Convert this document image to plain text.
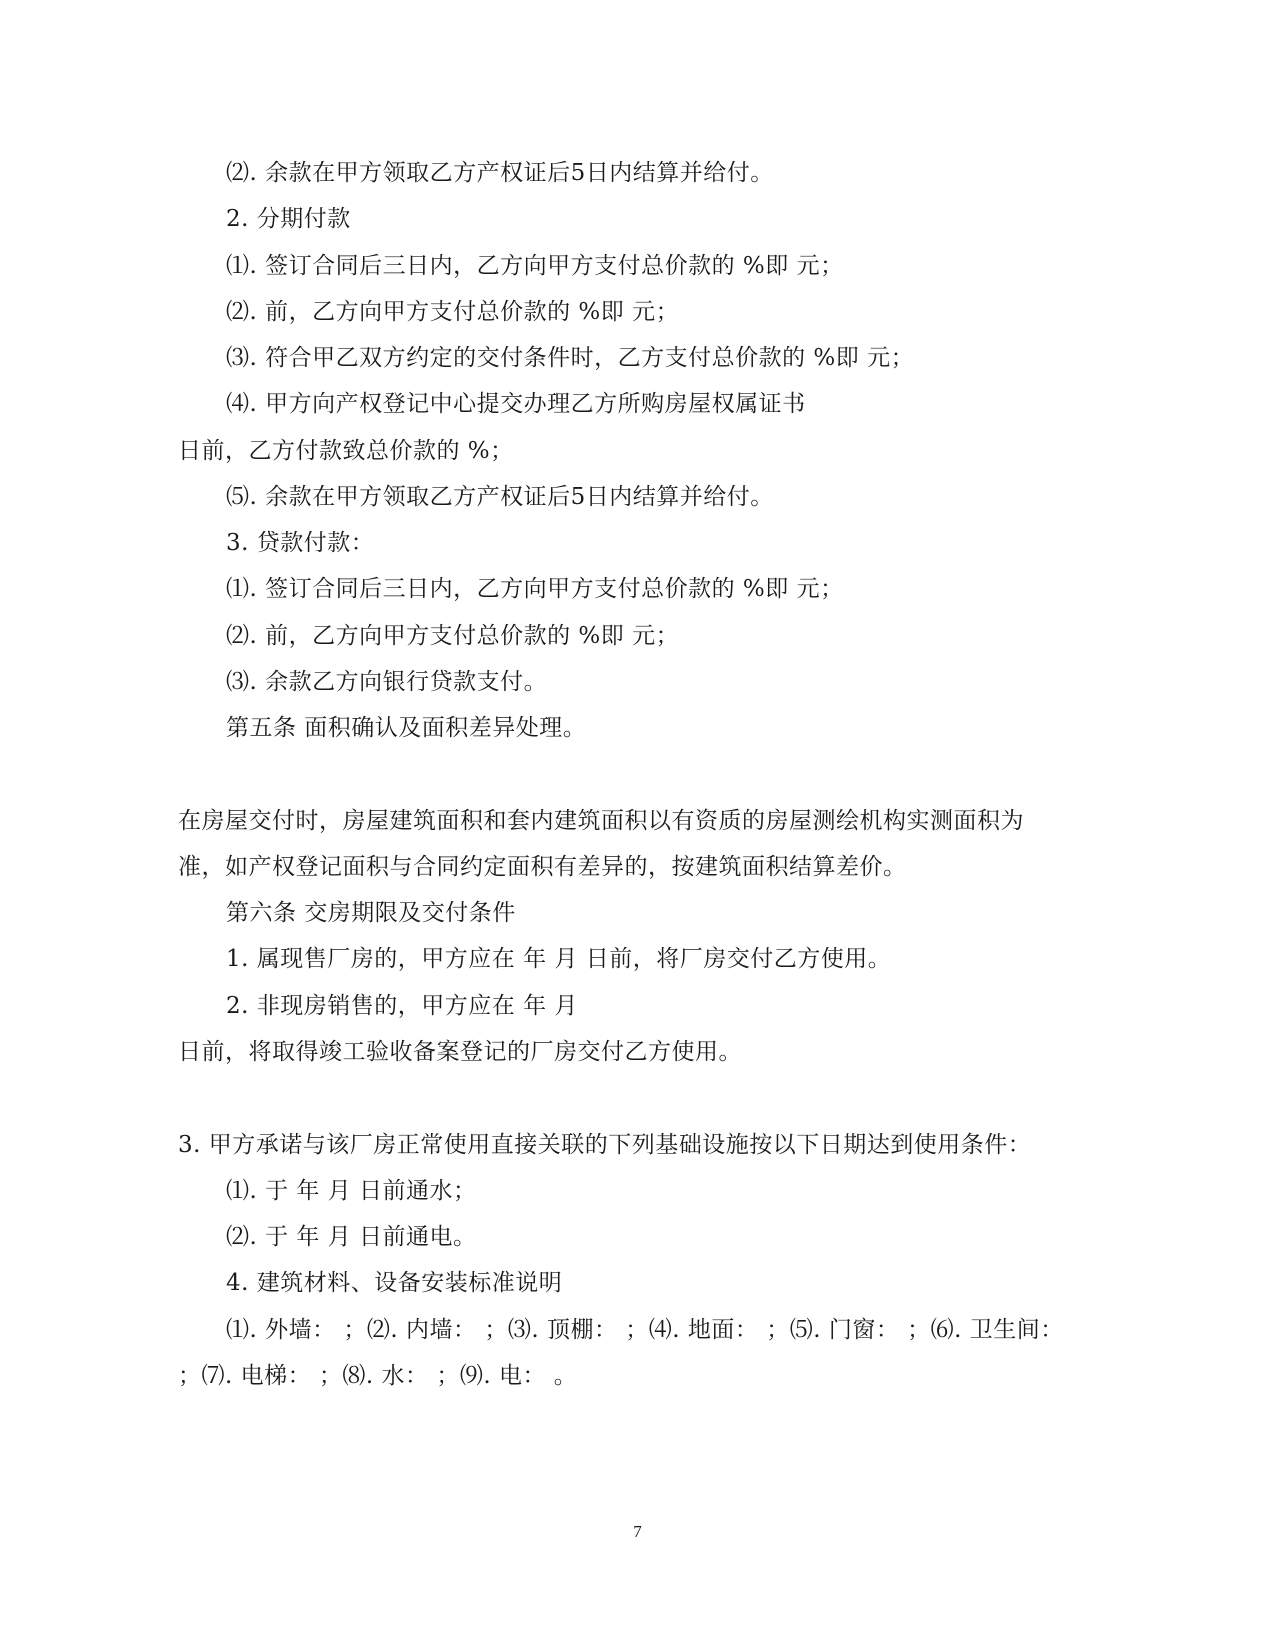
⑵. 余款在甲方领取乙方产权证后5日内结算并给付。
2. 分期付款
⑴. 签订合同后三日内，乙方向甲方支付总价款的 %即 元；
⑵. 前，乙方向甲方支付总价款的 %即 元；
⑶. 符合甲乙双方约定的交付条件时，乙方支付总价款的 %即 元；
⑷. 甲方向产权登记中心提交办理乙方所购房屋权属证书
日前，乙方付款致总价款的 %；
⑸. 余款在甲方领取乙方产权证后5日内结算并给付。
3. 贷款付款：
⑴. 签订合同后三日内，乙方向甲方支付总价款的 %即 元；
⑵. 前，乙方向甲方支付总价款的 %即 元；
⑶. 余款乙方向银行贷款支付。
第五条 面积确认及面积差异处理。
在房屋交付时，房屋建筑面积和套内建筑面积以有资质的房屋测绘机构实测面积为
准，如产权登记面积与合同约定面积有差异的，按建筑面积结算差价。
第六条 交房期限及交付条件
1. 属现售厂房的，甲方应在 年 月 日前，将厂房交付乙方使用。
2. 非现房销售的，甲方应在 年 月
日前，将取得竣工验收备案登记的厂房交付乙方使用。
3. 甲方承诺与该厂房正常使用直接关联的下列基础设施按以下日期达到使用条件：
⑴. 于 年 月 日前通水；
⑵. 于 年 月 日前通电。
4. 建筑材料、设备安装标准说明
⑴. 外墙： ；⑵. 内墙： ；⑶. 顶棚： ；⑷. 地面： ；⑸. 门窗： ；⑹. 卫生间：
；⑺. 电梯： ；⑻. 水： ；⑼. 电： 。
7
